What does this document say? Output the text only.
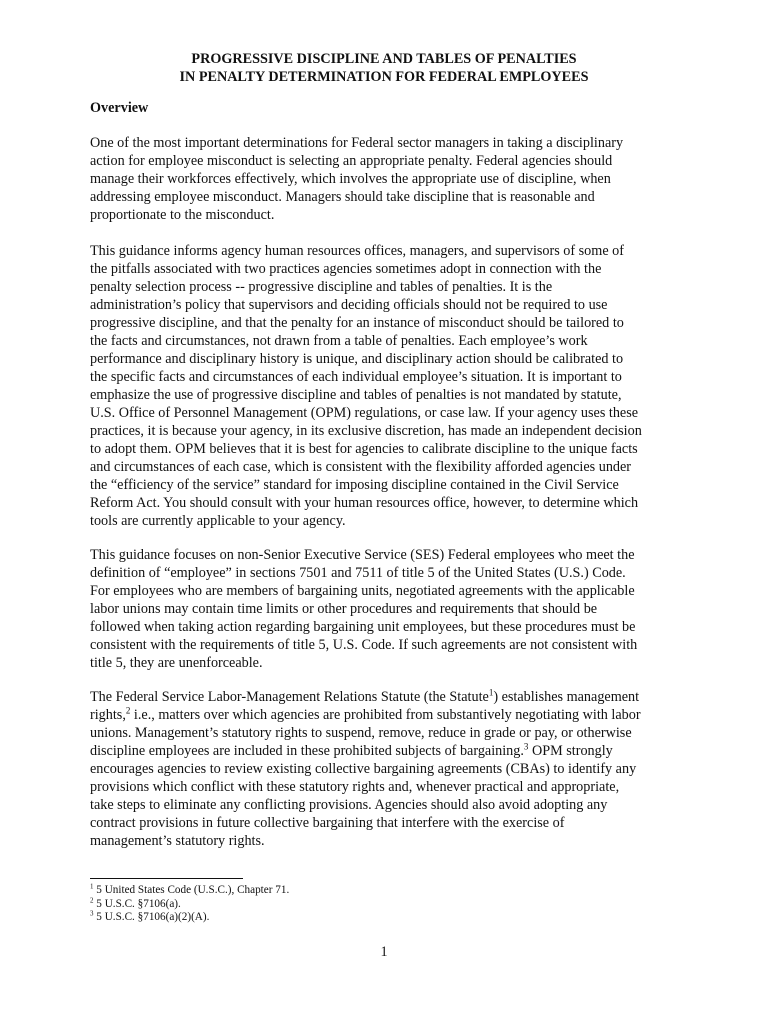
PROGRESSIVE DISCIPLINE AND TABLES OF PENALTIES
IN PENALTY DETERMINATION FOR FEDERAL EMPLOYEES
Overview
One of the most important determinations for Federal sector managers in taking a disciplinary
action for employee misconduct is selecting an appropriate penalty. Federal agencies should
manage their workforces effectively, which involves the appropriate use of discipline, when
addressing employee misconduct. Managers should take discipline that is reasonable and
proportionate to the misconduct.
This guidance informs agency human resources offices, managers, and supervisors of some of
the pitfalls associated with two practices agencies sometimes adopt in connection with the
penalty selection process -- progressive discipline and tables of penalties. It is the
administration’s policy that supervisors and deciding officials should not be required to use
progressive discipline, and that the penalty for an instance of misconduct should be tailored to
the facts and circumstances, not drawn from a table of penalties. Each employee’s work
performance and disciplinary history is unique, and disciplinary action should be calibrated to
the specific facts and circumstances of each individual employee’s situation. It is important to
emphasize the use of progressive discipline and tables of penalties is not mandated by statute,
U.S. Office of Personnel Management (OPM) regulations, or case law. If your agency uses these
practices, it is because your agency, in its exclusive discretion, has made an independent decision
to adopt them. OPM believes that it is best for agencies to calibrate discipline to the unique facts
and circumstances of each case, which is consistent with the flexibility afforded agencies under
the “efficiency of the service” standard for imposing discipline contained in the Civil Service
Reform Act. You should consult with your human resources office, however, to determine which
tools are currently applicable to your agency.
This guidance focuses on non-Senior Executive Service (SES) Federal employees who meet the
definition of “employee” in sections 7501 and 7511 of title 5 of the United States (U.S.) Code.
For employees who are members of bargaining units, negotiated agreements with the applicable
labor unions may contain time limits or other procedures and requirements that should be
followed when taking action regarding bargaining unit employees, but these procedures must be
consistent with the requirements of title 5, U.S. Code. If such agreements are not consistent with
title 5, they are unenforceable.
The Federal Service Labor-Management Relations Statute (the Statute$^1$) establishes management
rights,$^2$ i.e., matters over which agencies are prohibited from substantively negotiating with labor
unions. Management’s statutory rights to suspend, remove, reduce in grade or pay, or otherwise
discipline employees are included in these prohibited subjects of bargaining.$^3$ OPM strongly
encourages agencies to review existing collective bargaining agreements (CBAs) to identify any
provisions which conflict with these statutory rights and, whenever practical and appropriate,
take steps to eliminate any conflicting provisions. Agencies should also avoid adopting any
contract provisions in future collective bargaining that interfere with the exercise of
management’s statutory rights.
$^1$ 5 United States Code (U.S.C.), Chapter 71.
$^2$ 5 U.S.C. §7106(a).
$^3$ 5 U.S.C. §7106(a)(2)(A).
1
